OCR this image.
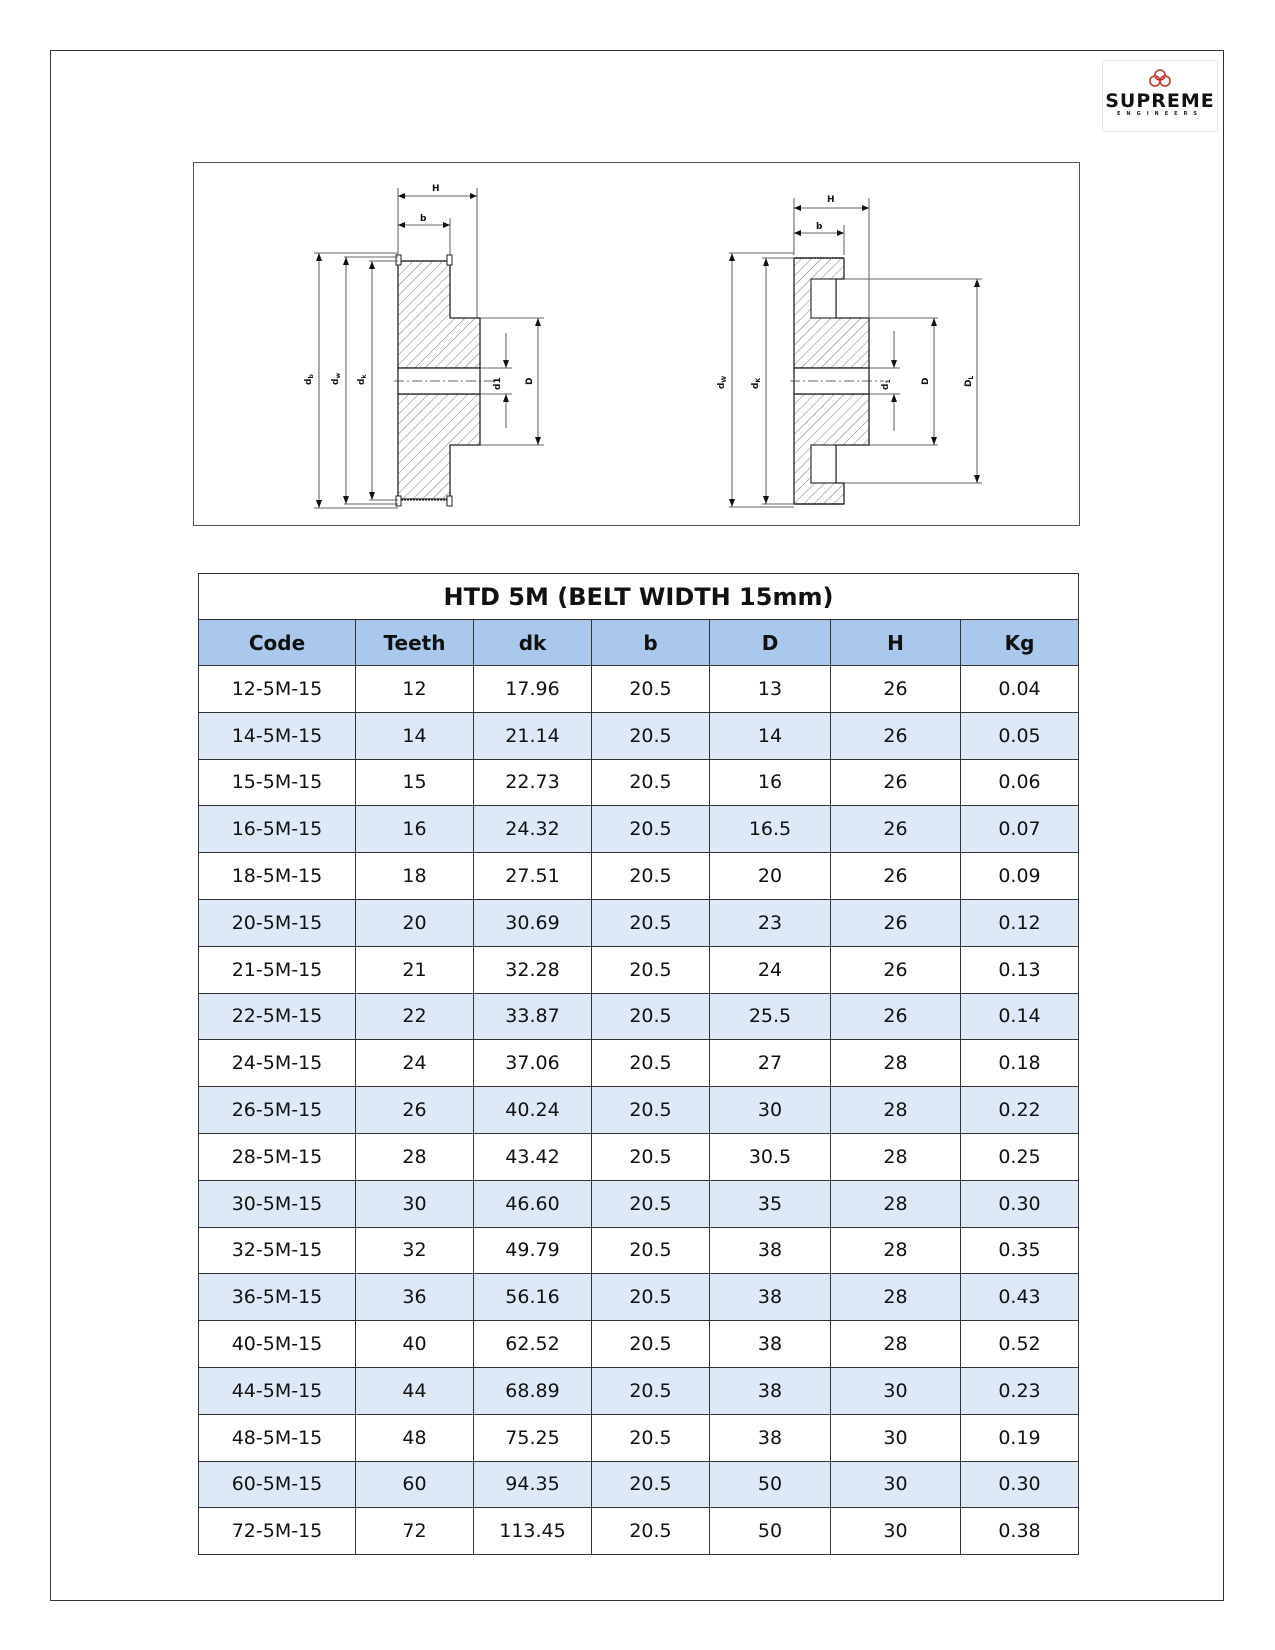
SUPREME
ENGINEERS
H
b
$d_b$
$d_w$
$d_k$
d1 D
H
b
$d_W$
$d_K$
$d_1$	D	$D_L$
HTD 5M (BELT WIDTH 15mm)						
Code	Teeth	dk	b	D	H	Kg
12-5M-15	12	17.96	20.5	13	26	0.04
14-5M-15	14	21.14	20.5	14	26	0.05
15-5M-15	15	22.73	20.5	16	26	0.06
16-5M-15	16	24.32	20.5	16.5	26	0.07
18-5M-15	18	27.51	20.5	20	26	0.09
20-5M-15	20	30.69	20.5	23	26	0.12
21-5M-15	21	32.28	20.5	24	26	0.13
22-5M-15	22	33.87	20.5	25.5	26	0.14
24-5M-15	24	37.06	20.5	27	28	0.18
26-5M-15	26	40.24	20.5	30	28	0.22
28-5M-15	28	43.42	20.5	30.5	28	0.25
30-5M-15	30	46.60	20.5	35	28	0.30
32-5M-15	32	49.79	20.5	38	28	0.35
36-5M-15	36	56.16	20.5	38	28	0.43
40-5M-15	40	62.52	20.5	38	28	0.52
44-5M-15	44	68.89	20.5	38	30	0.23
48-5M-15	48	75.25	20.5	38	30	0.19
60-5M-15	60	94.35	20.5	50	30	0.30
72-5M-15	72	113.45	20.5	50	30	0.38
